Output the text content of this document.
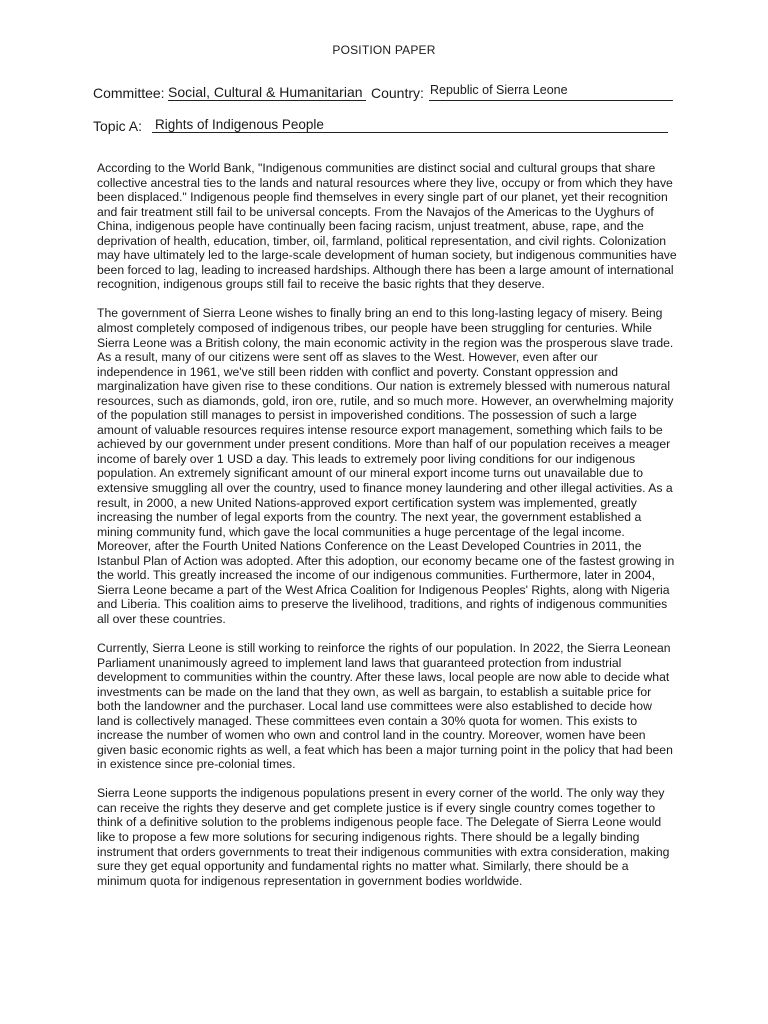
POSITION PAPER
Committee: Social, Cultural & Humanitarian Country: Republic of Sierra Leone
Topic A: Rights of Indigenous People

According to the World Bank, "Indigenous communities are distinct social and cultural groups that share collective ancestral ties to the lands and natural resources where they live, occupy or from which they have been displaced." Indigenous people find themselves in every single part of our planet, yet their recognition and fair treatment still fail to be universal concepts. From the Navajos of the Americas to the Uyghurs of China, indigenous people have continually been facing racism, unjust treatment, abuse, rape, and the deprivation of health, education, timber, oil, farmland, political representation, and civil rights. Colonization may have ultimately led to the large-scale development of human society, but indigenous communities have been forced to lag, leading to increased hardships. Although there has been a large amount of international recognition, indigenous groups still fail to receive the basic rights that they deserve.

The government of Sierra Leone wishes to finally bring an end to this long-lasting legacy of misery. Being almost completely composed of indigenous tribes, our people have been struggling for centuries. While Sierra Leone was a British colony, the main economic activity in the region was the prosperous slave trade. As a result, many of our citizens were sent off as slaves to the West. However, even after our independence in 1961, we've still been ridden with conflict and poverty. Constant oppression and marginalization have given rise to these conditions. Our nation is extremely blessed with numerous natural resources, such as diamonds, gold, iron ore, rutile, and so much more. However, an overwhelming majority of the population still manages to persist in impoverished conditions. The possession of such a large amount of valuable resources requires intense resource export management, something which fails to be achieved by our government under present conditions. More than half of our population receives a meager income of barely over 1 USD a day. This leads to extremely poor living conditions for our indigenous population. An extremely significant amount of our mineral export income turns out unavailable due to extensive smuggling all over the country, used to finance money laundering and other illegal activities. As a result, in 2000, a new United Nations-approved export certification system was implemented, greatly increasing the number of legal exports from the country. The next year, the government established a mining community fund, which gave the local communities a huge percentage of the legal income. Moreover, after the Fourth United Nations Conference on the Least Developed Countries in 2011, the Istanbul Plan of Action was adopted. After this adoption, our economy became one of the fastest growing in the world. This greatly increased the income of our indigenous communities. Furthermore, later in 2004, Sierra Leone became a part of the West Africa Coalition for Indigenous Peoples' Rights, along with Nigeria and Liberia. This coalition aims to preserve the livelihood, traditions, and rights of indigenous communities all over these countries.

Currently, Sierra Leone is still working to reinforce the rights of our population. In 2022, the Sierra Leonean Parliament unanimously agreed to implement land laws that guaranteed protection from industrial development to communities within the country. After these laws, local people are now able to decide what investments can be made on the land that they own, as well as bargain, to establish a suitable price for both the landowner and the purchaser. Local land use committees were also established to decide how land is collectively managed. These committees even contain a 30% quota for women. This exists to increase the number of women who own and control land in the country. Moreover, women have been given basic economic rights as well, a feat which has been a major turning point in the policy that had been in existence since pre-colonial times.

Sierra Leone supports the indigenous populations present in every corner of the world. The only way they can receive the rights they deserve and get complete justice is if every single country comes together to think of a definitive solution to the problems indigenous people face. The Delegate of Sierra Leone would like to propose a few more solutions for securing indigenous rights. There should be a legally binding instrument that orders governments to treat their indigenous communities with extra consideration, making sure they get equal opportunity and fundamental rights no matter what. Similarly, there should be a minimum quota for indigenous representation in government bodies worldwide.
